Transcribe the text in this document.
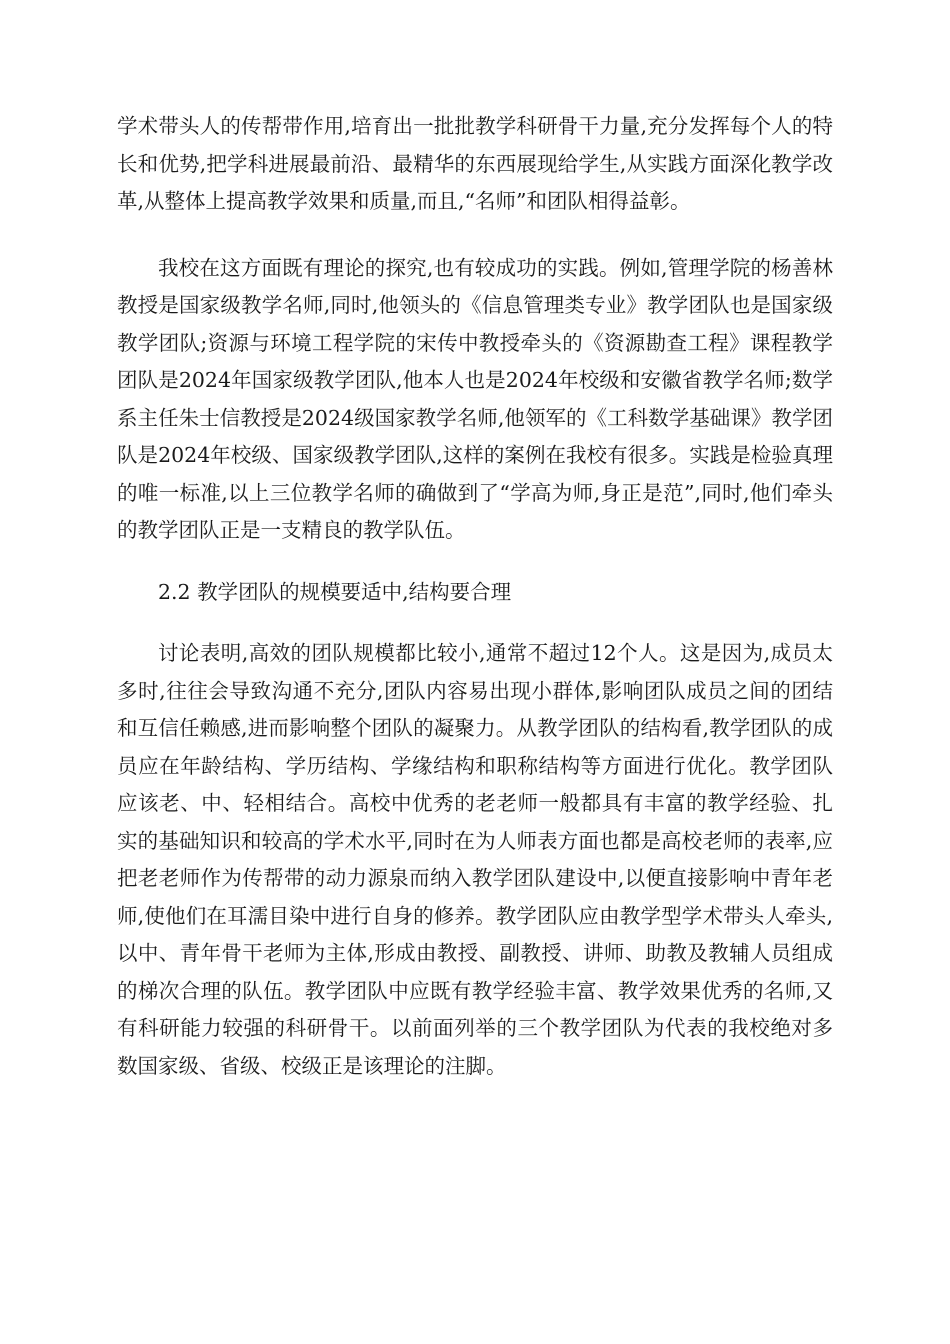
学术带头人的传帮带作用,培育出一批批教学科研骨干力量,充分发挥每个人的特长和优势,把学科进展最前沿、最精华的东西展现给学生,从实践方面深化教学改革,从整体上提高教学效果和质量,而且,“名师”和团队相得益彰。

我校在这方面既有理论的探究,也有较成功的实践。例如,管理学院的杨善林教授是国家级教学名师,同时,他领头的《信息管理类专业》教学团队也是国家级教学团队;资源与环境工程学院的宋传中教授牵头的《资源勘查工程》课程教学团队是2024年国家级教学团队,他本人也是2024年校级和安徽省教学名师;数学系主任朱士信教授是2024级国家教学名师,他领军的《工科数学基础课》教学团队是2024年校级、国家级教学团队,这样的案例在我校有很多。实践是检验真理的唯一标准,以上三位教学名师的确做到了“学高为师,身正是范”,同时,他们牵头的教学团队正是一支精良的教学队伍。

2.2 教学团队的规模要适中,结构要合理

讨论表明,高效的团队规模都比较小,通常不超过12个人。这是因为,成员太多时,往往会导致沟通不充分,团队内容易出现小群体,影响团队成员之间的团结和互信任赖感,进而影响整个团队的凝聚力。从教学团队的结构看,教学团队的成员应在年龄结构、学历结构、学缘结构和职称结构等方面进行优化。教学团队应该老、中、轻相结合。高校中优秀的老老师一般都具有丰富的教学经验、扎实的基础知识和较高的学术水平,同时在为人师表方面也都是高校老师的表率,应把老老师作为传帮带的动力源泉而纳入教学团队建设中,以便直接影响中青年老师,使他们在耳濡目染中进行自身的修养。教学团队应由教学型学术带头人牵头,以中、青年骨干老师为主体,形成由教授、副教授、讲师、助教及教辅人员组成的梯次合理的队伍。教学团队中应既有教学经验丰富、教学效果优秀的名师,又有科研能力较强的科研骨干。以前面列举的三个教学团队为代表的我校绝对多数国家级、省级、校级正是该理论的注脚。
